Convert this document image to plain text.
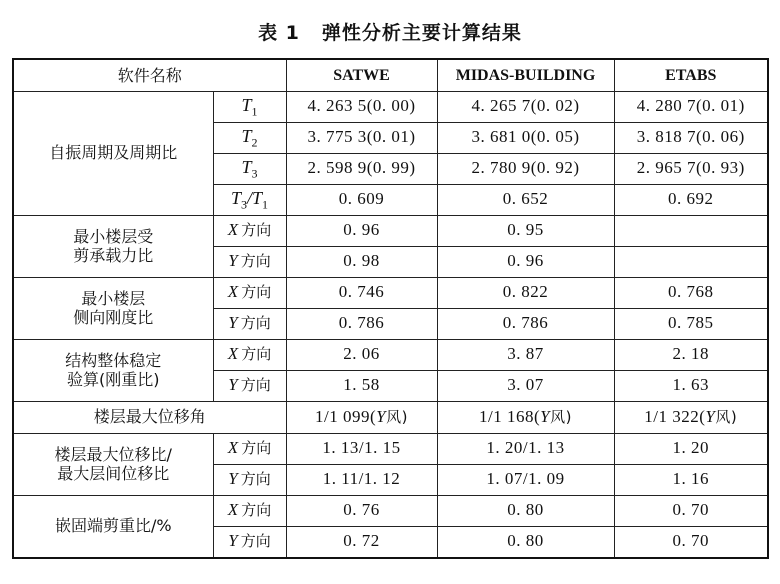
表 1 弹性分析主要计算结果
软件名称		SATWE	MIDAS-BUILDING	ETABS
自振周期及周期比	$T_1$	4. 263 5(0. 00)	4. 265 7(0. 02)	4. 280 7(0. 01)
	$T_2$	3. 775 3(0. 01)	3. 681 0(0. 05)	3. 818 7(0. 06)
	$T_3$	2. 598 9(0. 99)	2. 780 9(0. 92)	2. 965 7(0. 93)
	$T_3/T_1$	0. 609	0. 652	0. 692
最小楼层受
剪承载力比	X 方向	0. 96	0. 95	
	Y 方向	0. 98	0. 96	
最小楼层
侧向刚度比	X 方向	0. 746	0. 822	0. 768
	Y 方向	0. 786	0. 786	0. 785
结构整体稳定
验算(刚重比)	X 方向	2. 06	3. 87	2. 18
	Y 方向	1. 58	3. 07	1. 63
楼层最大位移角		1/1 099(Y风)	1/1 168(Y风)	1/1 322(Y风)
楼层最大位移比/
最大层间位移比	X 方向	1. 13/1. 15	1. 20/1. 13	1. 20
	Y 方向	1. 11/1. 12	1. 07/1. 09	1. 16
嵌固端剪重比/%	X 方向	0. 76	0. 80	0. 70
	Y 方向	0. 72	0. 80	0. 70
